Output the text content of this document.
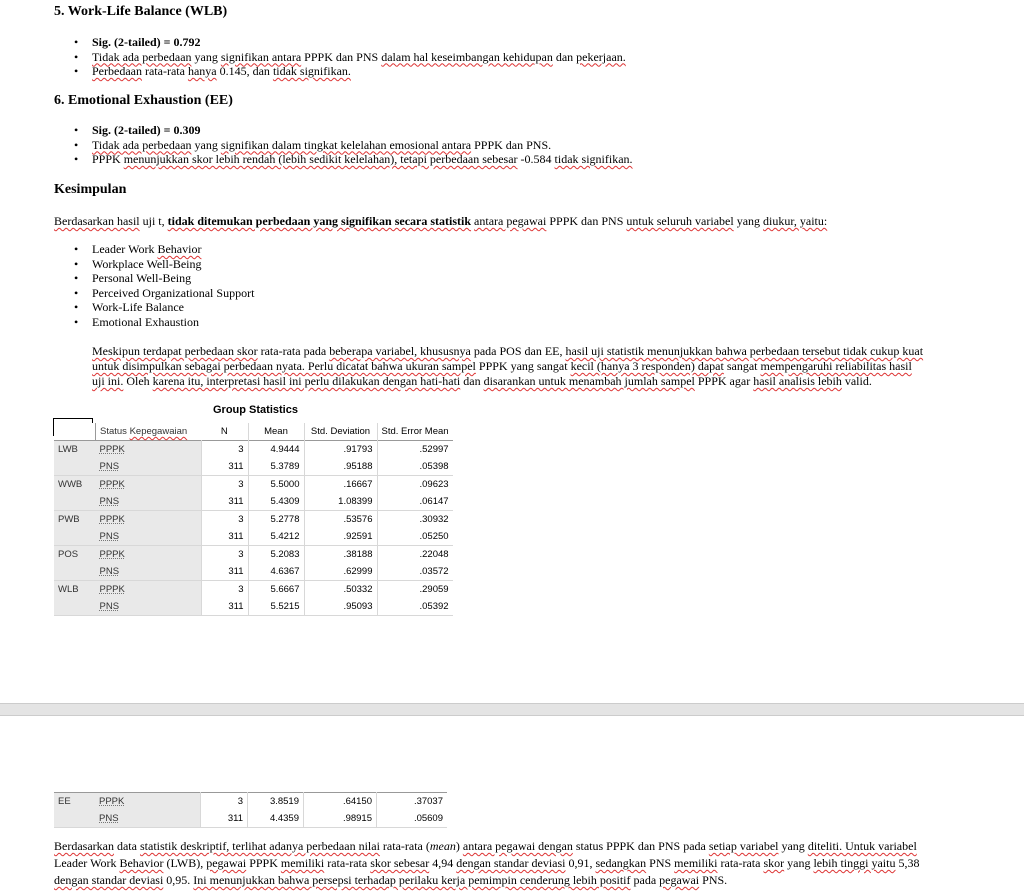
5. Work-Life Balance (WLB)
• Sig. (2-tailed) = 0.792
• Tidak ada perbedaan yang signifikan antara PPPK dan PNS dalam hal keseimbangan kehidupan dan pekerjaan.
• Perbedaan rata-rata hanya 0.145, dan tidak signifikan.
6. Emotional Exhaustion (EE)
• Sig. (2-tailed) = 0.309
• Tidak ada perbedaan yang signifikan dalam tingkat kelelahan emosional antara PPPK dan PNS.
• PPPK menunjukkan skor lebih rendah (lebih sedikit kelelahan), tetapi perbedaan sebesar -0.584 tidak signifikan.
Kesimpulan

Berdasarkan hasil uji t, tidak ditemukan perbedaan yang signifikan secara statistik antara pegawai PPPK dan PNS untuk seluruh variabel yang diukur, yaitu:

• Leader Work Behavior
• Workplace Well-Being
• Personal Well-Being
• Perceived Organizational Support
• Work-Life Balance
• Emotional Exhaustion
Meskipun terdapat perbedaan skor rata-rata pada beberapa variabel, khususnya pada POS dan EE, hasil uji statistik menunjukkan bahwa perbedaan tersebut tidak cukup kuat
untuk disimpulkan sebagai perbedaan nyata. Perlu dicatat bahwa ukuran sampel PPPK yang sangat kecil (hanya 3 responden) dapat sangat mempengaruhi reliabilitas hasil
uji ini. Oleh karena itu, interpretasi hasil ini perlu dilakukan dengan hati-hati dan disarankan untuk menambah jumlah sampel PPPK agar hasil analisis lebih valid.
Group Statistics
	Status Kepegawaian	N	Mean	Std. Deviation	Std. Error Mean
LWB	PPPK	3	4.9444	.91793	.52997
	PNS	311	5.3789	.95188	.05398
WWB	PPPK	3	5.5000	.16667	.09623
	PNS	311	5.4309	1.08399	.06147
PWB	PPPK	3	5.2778	.53576	.30932
	PNS	311	5.4212	.92591	.05250
POS	PPPK	3	5.2083	.38188	.22048
	PNS	311	4.6367	.62999	.03572
WLB	PPPK	3	5.6667	.50332	.29059
	PNS	311	5.5215	.95093	.05392
EE	PPPK	3	3.8519	.64150	.37037
	PNS	311	4.4359	.98915	.05609
Berdasarkan data statistik deskriptif, terlihat adanya perbedaan nilai rata-rata (mean) antara pegawai dengan status PPPK dan PNS pada setiap variabel yang diteliti. Untuk variabel
Leader Work Behavior (LWB), pegawai PPPK memiliki rata-rata skor sebesar 4,94 dengan standar deviasi 0,91, sedangkan PNS memiliki rata-rata skor yang lebih tinggi yaitu 5,38
dengan standar deviasi 0,95. Ini menunjukkan bahwa persepsi terhadap perilaku kerja pemimpin cenderung lebih positif pada pegawai PNS.
